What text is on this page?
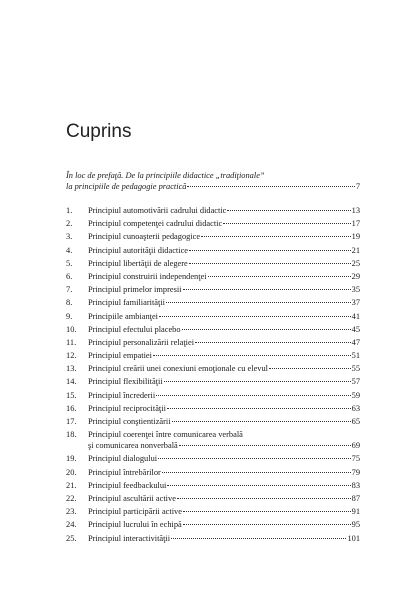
Cuprins
În loc de prefaţă. De la principiile didactice „tradiţionale”
la principiile de pedagogie practică	7
1.	Principiul automotivării cadrului didactic	13
2.	Principiul competenţei cadrului didactic	17
3.	Principiul cunoaşterii pedagogice	19
4.	Principiul autorităţii didactice	21
5.	Principiul libertăţii de alegere	25
6.	Principiul construirii independenţei	29
7.	Principiul primelor impresii	35
8.	Principiul familiarităţii	37
9.	Principiile ambianţei	41
10.	Principiul efectului placebo	45
11.	Principiul personalizării relaţiei	47
12.	Principiul empatiei	51
13.	Principiul creării unei conexiuni emoţionale cu elevul	55
14.	Principiul flexibilităţii	57
15.	Principiul încrederii	59
16.	Principiul reciprocităţii	63
17.	Principiul conştientizării	65
18.	Principiul coerenţei între comunicarea verbală
şi comunicarea nonverbală	69
19.	Principiul dialogului	75
20.	Principiul întrebărilor	79
21.	Principiul feedbackului	83
22.	Principiul ascultării active	87
23.	Principiul participării active	91
24.	Principiul lucrului în echipă	95
25.	Principiul interactivităţii	101
